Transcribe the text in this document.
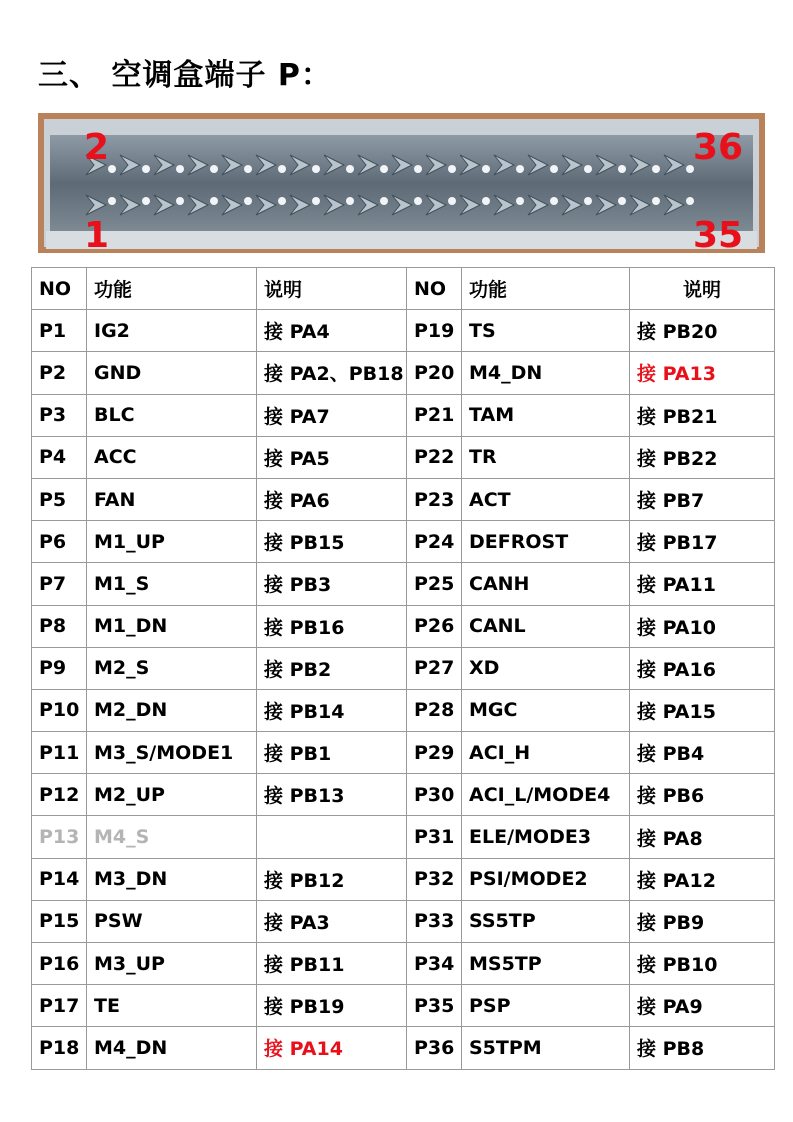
三、 空调盒端子 P：
2
1
36
35
NO	功能	说明	NO	功能	说明
P1	IG2	接 PA4	P19	TS	接 PB20
P2	GND	接 PA2、PB18	P20	M4_DN	接 PA13
P3	BLC	接 PA7	P21	TAM	接 PB21
P4	ACC	接 PA5	P22	TR	接 PB22
P5	FAN	接 PA6	P23	ACT	接 PB7
P6	M1_UP	接 PB15	P24	DEFROST	接 PB17
P7	M1_S	接 PB3	P25	CANH	接 PA11
P8	M1_DN	接 PB16	P26	CANL	接 PA10
P9	M2_S	接 PB2	P27	XD	接 PA16
P10	M2_DN	接 PB14	P28	MGC	接 PA15
P11	M3_S/MODE1	接 PB1	P29	ACI_H	接 PB4
P12	M2_UP	接 PB13	P30	ACI_L/MODE4	接 PB6
P13	M4_S		P31	ELE/MODE3	接 PA8
P14	M3_DN	接 PB12	P32	PSI/MODE2	接 PA12
P15	PSW	接 PA3	P33	SS5TP	接 PB9
P16	M3_UP	接 PB11	P34	MS5TP	接 PB10
P17	TE	接 PB19	P35	PSP	接 PA9
P18	M4_DN	接 PA14	P36	S5TPM	接 PB8
